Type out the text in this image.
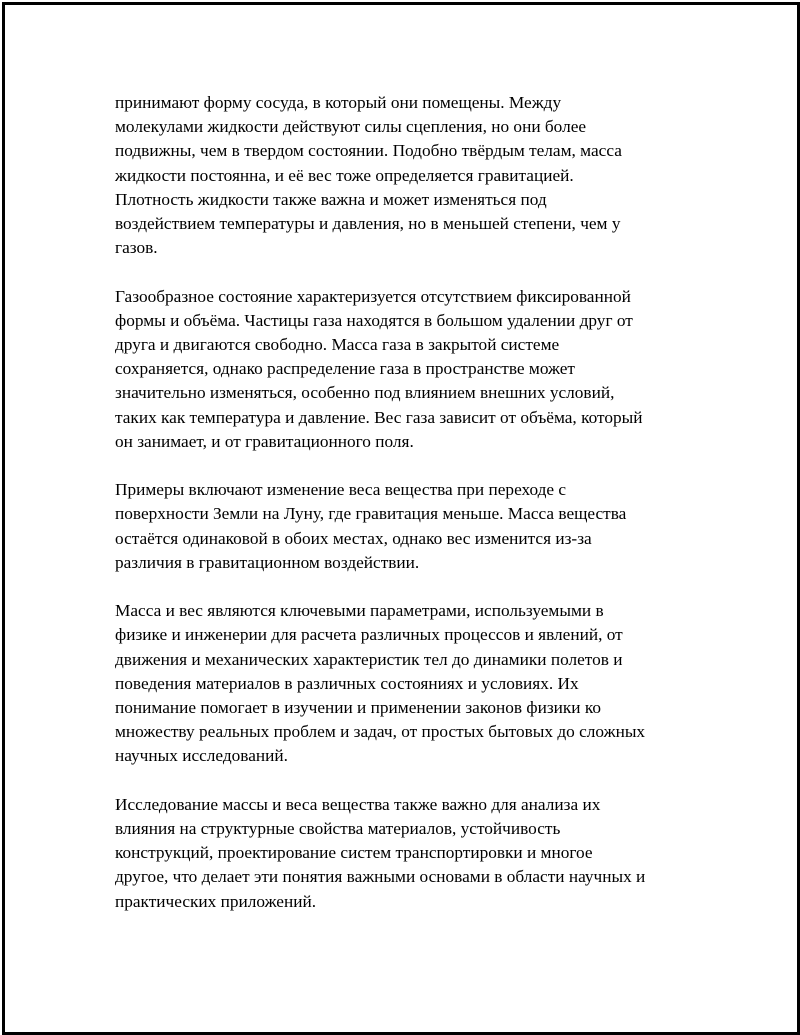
принимают форму сосуда, в который они помещены. Между
молекулами жидкости действуют силы сцепления, но они более
подвижны, чем в твердом состоянии. Подобно твёрдым телам, масса
жидкости постоянна, и её вес тоже определяется гравитацией.
Плотность жидкости также важна и может изменяться под
воздействием температуры и давления, но в меньшей степени, чем у
газов.

Газообразное состояние характеризуется отсутствием фиксированной
формы и объёма. Частицы газа находятся в большом удалении друг от
друга и двигаются свободно. Масса газа в закрытой системе
сохраняется, однако распределение газа в пространстве может
значительно изменяться, особенно под влиянием внешних условий,
таких как температура и давление. Вес газа зависит от объёма, который
он занимает, и от гравитационного поля.

Примеры включают изменение веса вещества при переходе с
поверхности Земли на Луну, где гравитация меньше. Масса вещества
остаётся одинаковой в обоих местах, однако вес изменится из-за
различия в гравитационном воздействии.

Масса и вес являются ключевыми параметрами, используемыми в
физике и инженерии для расчета различных процессов и явлений, от
движения и механических характеристик тел до динамики полетов и
поведения материалов в различных состояниях и условиях. Их
понимание помогает в изучении и применении законов физики ко
множеству реальных проблем и задач, от простых бытовых до сложных
научных исследований.

Исследование массы и веса вещества также важно для анализа их
влияния на структурные свойства материалов, устойчивость
конструкций, проектирование систем транспортировки и многое
другое, что делает эти понятия важными основами в области научных и
практических приложений.
